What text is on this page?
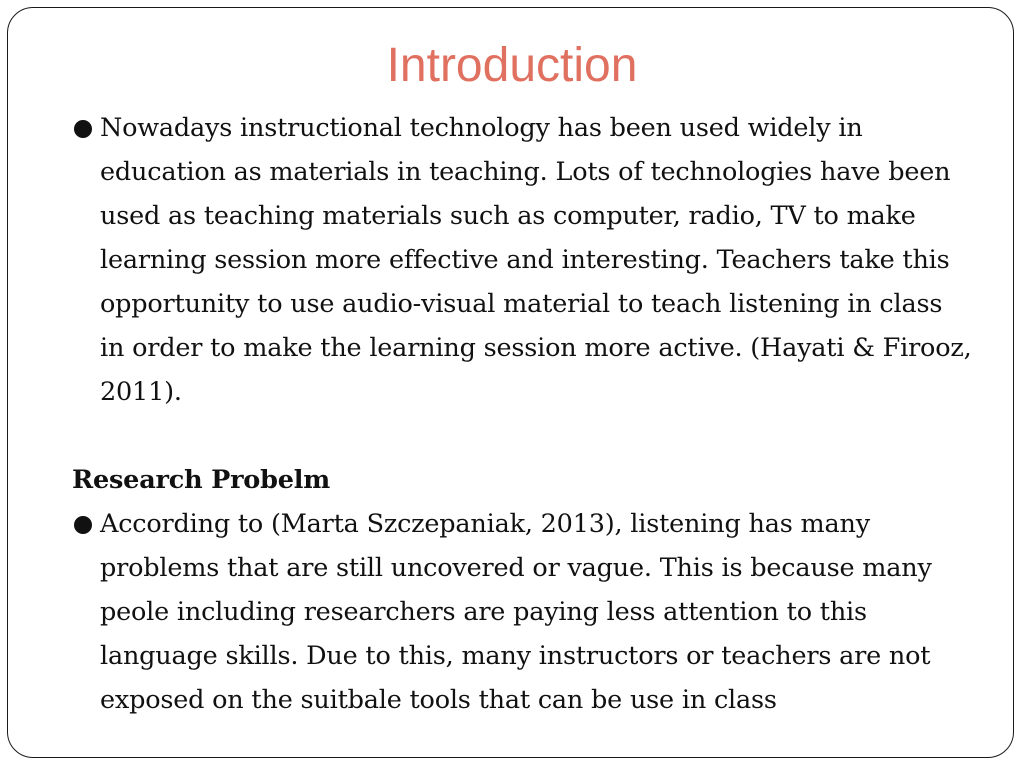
Introduction
Nowadays instructional technology has been used widely in education as materials in teaching. Lots of technologies have been used as teaching materials such as computer, radio, TV to make learning session more effective and interesting. Teachers take this opportunity to use audio-visual material to teach listening in class in order to make the learning session more active. (Hayati & Firooz, 2011).
Research Probelm
According to (Marta Szczepaniak, 2013), listening has many problems that are still uncovered or vague. This is because many peole including researchers are paying less attention to this language skills. Due to this, many instructors or teachers are not exposed on the suitbale tools that can be use in class
